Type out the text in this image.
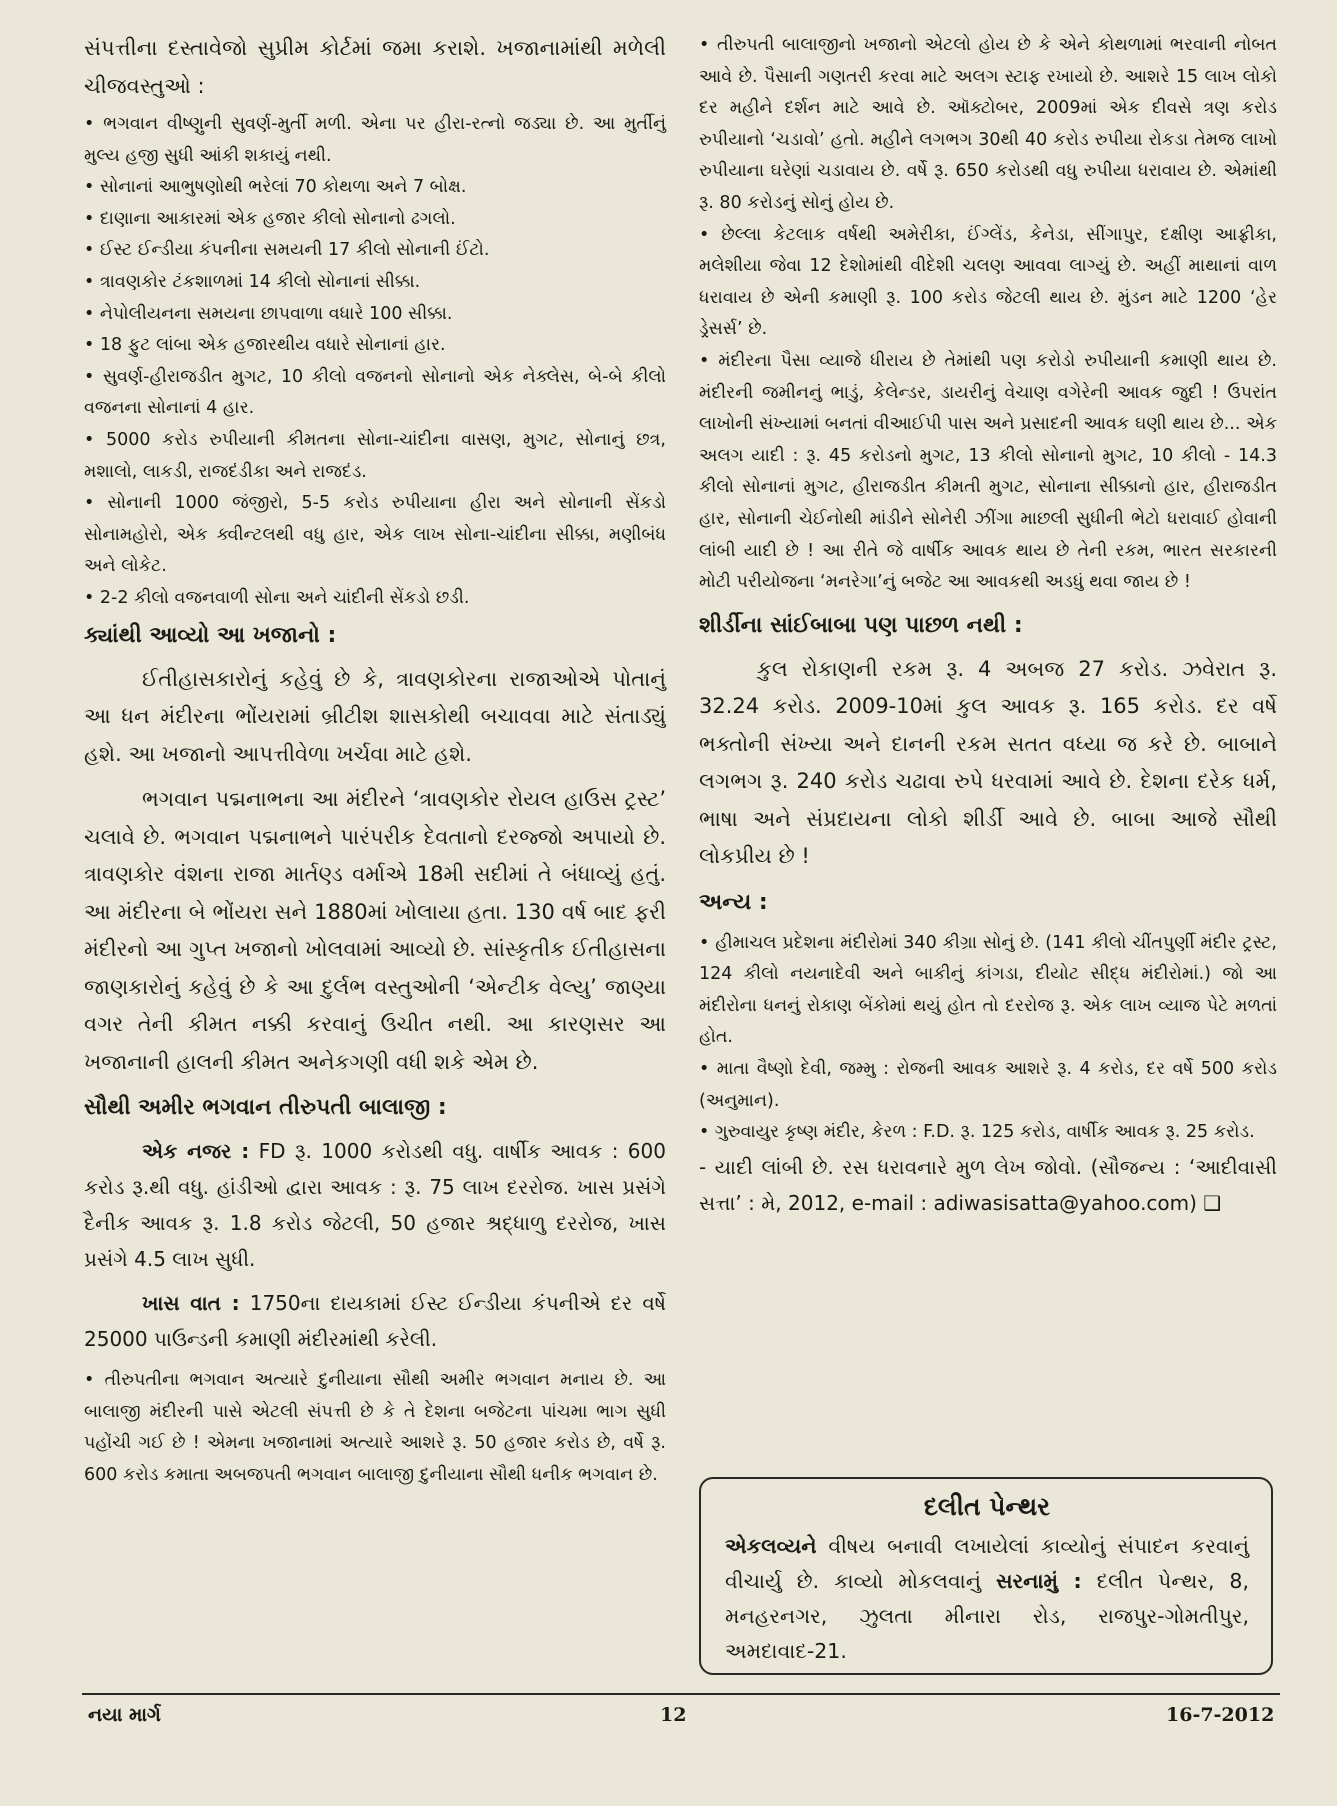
સંપત્તીના દસ્તાવેજો સુપ્રીમ કોર્ટમાં જમા કરાશે. ખજાનામાંથી મળેલી ચીજવસ્તુઓ :

• ભગવાન વીષ્ણુની સુવર્ણ-મુર્તી મળી. એના પર હીરા-રત્નો જડ્યા છે. આ મુર્તીનું મુલ્ય હજી સુધી આંકી શકાયું નથી.

• સોનાનાં આભુષણોથી ભરેલાં 70 કોથળા અને 7 બોક્ષ.

• દાણાના આકારમાં એક હજાર કીલો સોનાનો ઢગલો.

• ઈસ્ટ ઈન્ડીયા કંપનીના સમયની 17 કીલો સોનાની ઈંટો.

• ત્રાવણકોર ટંકશાળમાં 14 કીલો સોનાનાં સીક્કા.

• નેપોલીયનના સમયના છાપવાળા વધારે 100 સીક્કા.

• 18 ફુટ લાંબા એક હજારથીય વધારે સોનાનાં હાર.

• સુવર્ણ-હીરાજડીત મુગટ, 10 કીલો વજનનો સોનાનો એક નેક્લેસ, બે-બે કીલો વજનના સોનાનાં 4 હાર.

• 5000 કરોડ રુપીયાની કીમતના સોના-ચાંદીના વાસણ, મુગટ, સોનાનું છત્ર, મશાલો, લાકડી, રાજદંડીકા અને રાજદંડ.

• સોનાની 1000 જંજીરો, 5-5 કરોડ રુપીયાના હીરા અને સોનાની સેંકડો સોનામહોરો, એક ક્વીન્ટલથી વધુ હાર, એક લાખ સોના-ચાંદીના સીક્કા, મણીબંધ અને લોકેટ.

• 2-2 કીલો વજનવાળી સોના અને ચાંદીની સેંકડો છડી.

ક્યાંથી આવ્યો આ ખજાનો :

ઈતીહાસકારોનું કહેવું છે કે, ત્રાવણકોરના રાજાઓએ પોતાનું આ ધન મંદીરના ભોંયરામાં બ્રીટીશ શાસકોથી બચાવવા માટે સંતાડ્યું હશે. આ ખજાનો આપત્તીવેળા ખર્ચવા માટે હશે.

ભગવાન પદ્મનાભના આ મંદીરને ‘ત્રાવણકોર રોયલ હાઉસ ટ્રસ્ટ’ ચલાવે છે. ભગવાન પદ્મનાભને પારંપરીક દેવતાનો દરજ્જો અપાયો છે. ત્રાવણકોર વંશના રાજા માર્તણ્ડ વર્માએ 18મી સદીમાં તે બંધાવ્યું હતું. આ મંદીરના બે ભોંયરા સને 1880માં ખોલાયા હતા. 130 વર્ષ બાદ ફરી મંદીરનો આ ગુપ્ત ખજાનો ખોલવામાં આવ્યો છે. સાંસ્કૃતીક ઈતીહાસના જાણકારોનું કહેવું છે કે આ દુર્લભ વસ્તુઓની ‘એન્ટીક વેલ્યુ’ જાણ્યા વગર તેની કીમત નક્કી કરવાનું ઉચીત નથી. આ કારણસર આ ખજાનાની હાલની કીમત અનેકગણી વધી શકે એમ છે.

સૌથી અમીર ભગવાન તીરુપતી બાલાજી :

એક નજર : FD રૂ. 1000 કરોડથી વધુ. વાર્ષીક આવક : 600 કરોડ રૂ.થી વધુ. હાંડીઓ દ્વારા આવક : રૂ. 75 લાખ દરરોજ. ખાસ પ્રસંગે દૈનીક આવક રૂ. 1.8 કરોડ જેટલી, 50 હજાર શ્રદ્ધાળુ દરરોજ, ખાસ પ્રસંગે 4.5 લાખ સુધી.

ખાસ વાત : 1750ના દાયકામાં ઈસ્ટ ઈન્ડીયા કંપનીએ દર વર્ષે 25000 પાઉન્ડની કમાણી મંદીરમાંથી કરેલી.

• તીરુપતીના ભગવાન અત્યારે દુનીયાના સૌથી અમીર ભગવાન મનાય છે. આ બાલાજી મંદીરની પાસે એટલી સંપત્તી છે કે તે દેશના બજેટના પાંચમા ભાગ સુધી પહોંચી ગઈ છે ! એમના ખજાનામાં અત્યારે આશરે રૂ. 50 હજાર કરોડ છે, વર્ષે રૂ. 600 કરોડ કમાતા અબજપતી ભગવાન બાલાજી દુનીયાના સૌથી ધનીક ભગવાન છે.

• તીરુપતી બાલાજીનો ખજાનો એટલો હોય છે કે એને કોથળામાં ભરવાની નોબત આવે છે. પૈસાની ગણતરી કરવા માટે અલગ સ્ટાફ રખાયો છે. આશરે 15 લાખ લોકો દર મહીને દર્શન માટે આવે છે. ઑક્ટોબર, 2009માં એક દીવસે ત્રણ કરોડ રુપીયાનો ‘ચડાવો’ હતો. મહીને લગભગ 30થી 40 કરોડ રુપીયા રોકડા તેમજ લાખો રુપીયાના ઘરેણાં ચડાવાય છે. વર્ષે રૂ. 650 કરોડથી વધુ રુપીયા ધરાવાય છે. એમાંથી રૂ. 80 કરોડનું સોનું હોય છે.

• છેલ્લા કેટલાક વર્ષથી અમેરીકા, ઈંગ્લેંડ, કેનેડા, સીંગાપુર, દક્ષીણ આફ્રીકા, મલેશીયા જેવા 12 દેશોમાંથી વીદેશી ચલણ આવવા લાગ્યું છે. અહીં માથાનાં વાળ ધરાવાય છે એની કમાણી રૂ. 100 કરોડ જેટલી થાય છે. મુંડન માટે 1200 ‘હેર ડ્રેસર્સ’ છે.

• મંદીરના પૈસા વ્યાજે ધીરાય છે તેમાંથી પણ કરોડો રુપીયાની કમાણી થાય છે. મંદીરની જમીનનું ભાડું, કેલેન્ડર, ડાયરીનું વેચાણ વગેરેની આવક જુદી ! ઉપરાંત લાખોની સંખ્યામાં બનતાં વીઆઈપી પાસ અને પ્રસાદની આવક ઘણી થાય છે... એક અલગ યાદી : રૂ. 45 કરોડનો મુગટ, 13 કીલો સોનાનો મુગટ, 10 કીલો - 14.3 કીલો સોનાનાં મુગટ, હીરાજડીત કીમતી મુગટ, સોનાના સીક્કાનો હાર, હીરાજડીત હાર, સોનાની ચેઈનોથી માંડીને સોનેરી ઝીંગા માછલી સુધીની ભેટો ધરાવાઈ હોવાની લાંબી યાદી છે ! આ રીતે જે વાર્ષીક આવક થાય છે તેની રકમ, ભારત સરકારની મોટી પરીયોજના ‘મનરેગા’નું બજેટ આ આવકથી અડધું થવા જાય છે !

શીર્ડીના સાંઈબાબા પણ પાછળ નથી :

કુલ રોકાણની રકમ રૂ. 4 અબજ 27 કરોડ. ઝવેરાત રૂ. 32.24 કરોડ. 2009-10માં કુલ આવક રૂ. 165 કરોડ. દર વર્ષે ભક્તોની સંખ્યા અને દાનની રકમ સતત વધ્યા જ કરે છે. બાબાને લગભગ રૂ. 240 કરોડ ચઢાવા રુપે ધરવામાં આવે છે. દેશના દરેક ધર્મ, ભાષા અને સંપ્રદાયના લોકો શીર્ડી આવે છે. બાબા આજે સૌથી લોકપ્રીય છે !

અન્ય :

• હીમાચલ પ્રદેશના મંદીરોમાં 340 કીગ્રા સોનું છે. (141 કીલો ચીંતપુર્ણી મંદીર ટ્રસ્ટ, 124 કીલો નયનાદેવી અને બાકીનું કાંગડા, દીયોટ સીદ્ધ મંદીરોમાં.) જો આ મંદીરોના ધનનું રોકાણ બેંકોમાં થયું હોત તો દરરોજ રૂ. એક લાખ વ્યાજ પેટે મળતાં હોત.

• માતા વૈષ્ણો દેવી, જમ્મુ : રોજની આવક આશરે રૂ. 4 કરોડ, દર વર્ષે 500 કરોડ (અનુમાન).

• ગુરુવાયુર કૃષ્ણ મંદીર, કેરળ : F.D. રૂ. 125 કરોડ, વાર્ષીક આવક રૂ. 25 કરોડ.

- યાદી લાંબી છે. રસ ધરાવનારે મુળ લેખ જોવો. (સૌજન્ય : ‘આદીવાસી સત્તા’ : મે, 2012, e-mail : adiwasisatta@yahoo.com) ❑

દલીત પેન્થર

એકલવ્યને વીષય બનાવી લખાયેલાં કાવ્યોનું સંપાદન કરવાનું વીચાર્યુ છે. કાવ્યો મોકલવાનું સરનામું : દલીત પેન્થર, 8, મનહરનગર, ઝુલતા મીનારા રોડ, રાજપુર-ગોમતીપુર, અમદાવાદ-21.

નયા માર્ગ	12	16-7-2012
